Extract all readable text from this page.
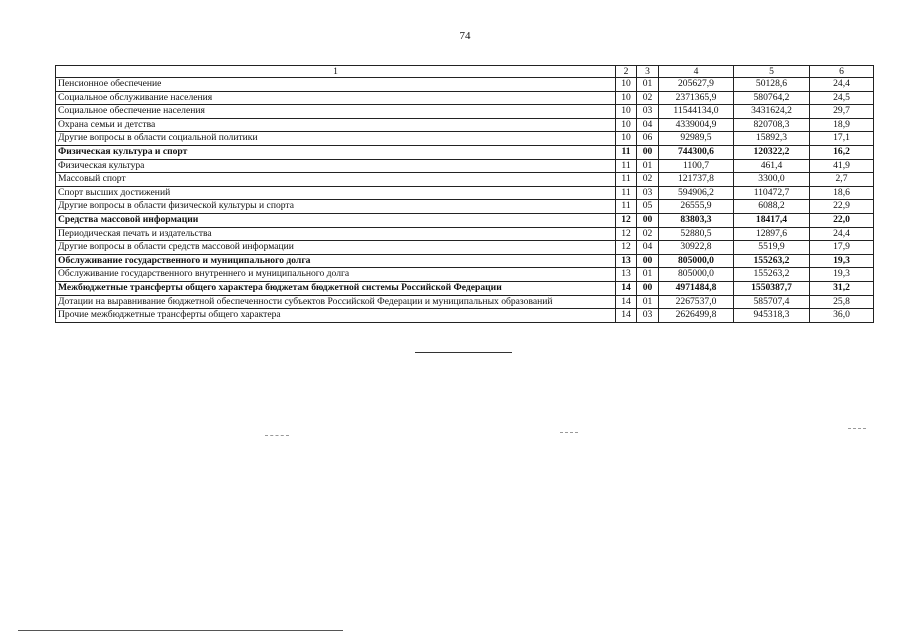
74
1	2	3	4	5	6
Пенсионное обеспечение	10	01	205627,9	50128,6	24,4
Социальное обслуживание населения	10	02	2371365,9	580764,2	24,5
Социальное обеспечение населения	10	03	11544134,0	3431624,2	29,7
Охрана семьи и детства	10	04	4339004,9	820708,3	18,9
Другие вопросы в области социальной политики	10	06	92989,5	15892,3	17,1
Физическая культура и спорт	11	00	744300,6	120322,2	16,2
Физическая культура	11	01	1100,7	461,4	41,9
Массовый спорт	11	02	121737,8	3300,0	2,7
Спорт высших достижений	11	03	594906,2	110472,7	18,6
Другие вопросы в области физической культуры и спорта	11	05	26555,9	6088,2	22,9
Средства массовой информации	12	00	83803,3	18417,4	22,0
Периодическая печать и издательства	12	02	52880,5	12897,6	24,4
Другие вопросы в области средств массовой информации	12	04	30922,8	5519,9	17,9
Обслуживание государственного и муниципального долга	13	00	805000,0	155263,2	19,3
Обслуживание государственного внутреннего и муниципального долга	13	01	805000,0	155263,2	19,3
Межбюджетные трансферты общего характера бюджетам бюджетной системы Российской Федерации	14	00	4971484,8	1550387,7	31,2
Дотации на выравнивание бюджетной обеспеченности субъектов Российской Федерации и муниципальных образований	14	01	2267537,0	585707,4	25,8
Прочие межбюджетные трансферты общего характера	14	03	2626499,8	945318,3	36,0
